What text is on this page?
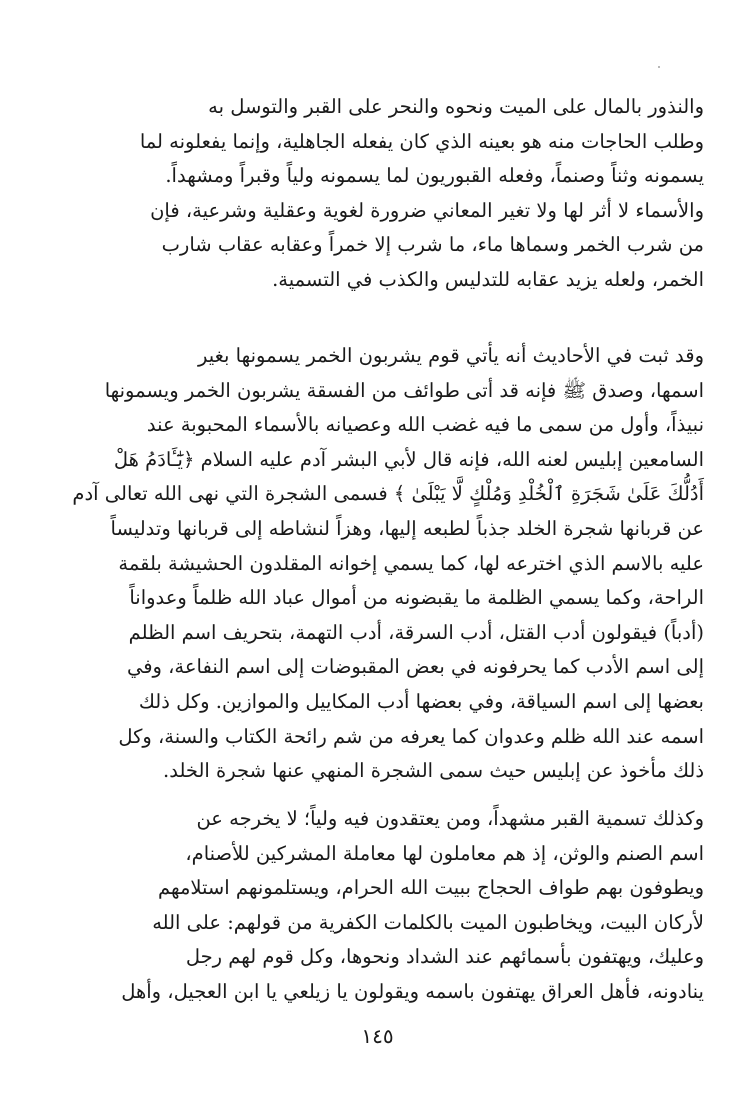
والنذور بالمال على الميت ونحوه والنحر على القبر والتوسل به
وطلب الحاجات منه هو بعينه الذي كان يفعله الجاهلية، وإنما يفعلونه لما
يسمونه وثناً وصنماً، وفعله القبوريون لما يسمونه ولياً وقبراً ومشهداً.
والأسماء لا أثر لها ولا تغير المعاني ضرورة لغوية وعقلية وشرعية، فإن
من شرب الخمر وسماها ماء، ما شرب إلا خمراً وعقابه عقاب شارب
الخمر، ولعله يزيد عقابه للتدليس والكذب في التسمية.

وقد ثبت في الأحاديث أنه يأتي قوم يشربون الخمر يسمونها بغير
اسمها، وصدق ﷺ فإنه قد أتى طوائف من الفسقة يشربون الخمر ويسمونها
نبيذاً، وأول من سمى ما فيه غضب الله وعصيانه بالأسماء المحبوبة عند
السامعين إبليس لعنه الله، فإنه قال لأبي البشر آدم عليه السلام ﴿يَٰٓـَٔادَمُ هَلْ
أَدُلُّكَ عَلَىٰ شَجَرَةِ ٱلْخُلْدِ وَمُلْكٍ لَّا يَبْلَىٰ ﴾ فسمى الشجرة التي نهى الله تعالى آدم
عن قربانها شجرة الخلد جذباً لطبعه إليها، وهزاً لنشاطه إلى قربانها وتدليساً
عليه بالاسم الذي اخترعه لها، كما يسمي إخوانه المقلدون الحشيشة بلقمة
الراحة، وكما يسمي الظلمة ما يقبضونه من أموال عباد الله ظلماً وعدواناً
(أدباً) فيقولون أدب القتل، أدب السرقة، أدب التهمة، بتحريف اسم الظلم
إلى اسم الأدب كما يحرفونه في بعض المقبوضات إلى اسم النفاعة، وفي
بعضها إلى اسم السياقة، وفي بعضها أدب المكاييل والموازين. وكل ذلك
اسمه عند الله ظلم وعدوان كما يعرفه من شم رائحة الكتاب والسنة، وكل
ذلك مأخوذ عن إبليس حيث سمى الشجرة المنهي عنها شجرة الخلد.

وكذلك تسمية القبر مشهداً، ومن يعتقدون فيه ولياً؛ لا يخرجه عن
اسم الصنم والوثن، إذ هم معاملون لها معاملة المشركين للأصنام،
ويطوفون بهم طواف الحجاج ببيت الله الحرام، ويستلمونهم استلامهم
لأركان البيت، ويخاطبون الميت بالكلمات الكفرية من قولهم: على الله
وعليك، ويهتفون بأسمائهم عند الشداد ونحوها، وكل قوم لهم رجل
ينادونه، فأهل العراق يهتفون باسمه ويقولون يا زيلعي يا ابن العجيل، وأهل

١٤٥
